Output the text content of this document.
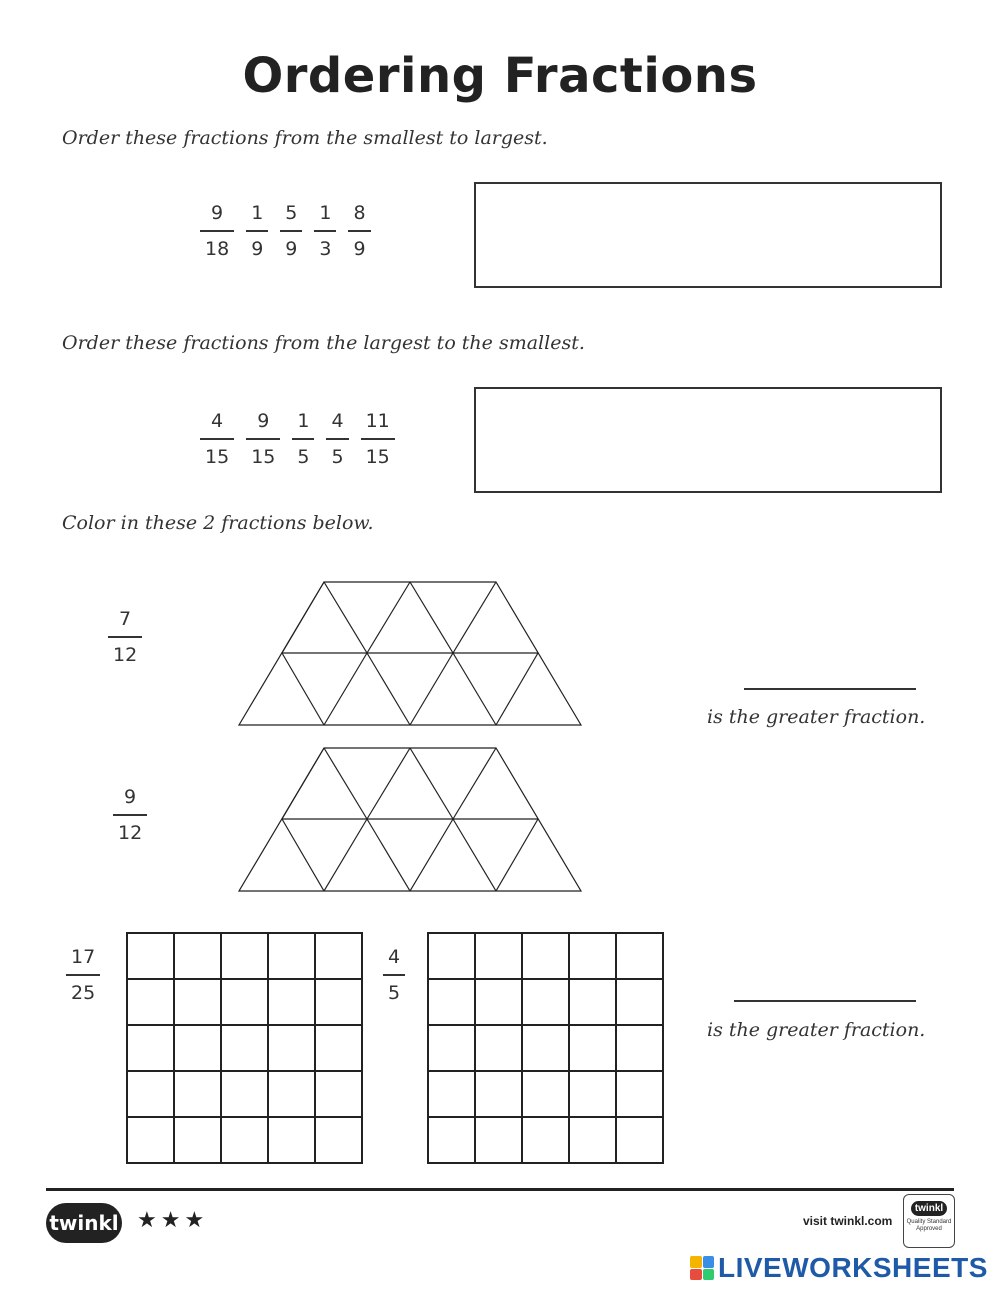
Ordering Fractions
Order these fractions from the smallest to largest.
$\frac{9}{18} \frac{1}{9} \frac{5}{9} \frac{1}{3} \frac{8}{9}$
Order these fractions from the largest to the smallest.
$\frac{4}{15} \frac{9}{15} \frac{1}{5} \frac{4}{5} \frac{11}{15}$
Color in these 2 fractions below.
7
12
is the greater fraction.
9
12
17
25

4
5

is the greater fraction.
twinkl ★★★	visit twinkl.com
twinkl
Quality Standard Approved
LIVEWORKSHEETS
